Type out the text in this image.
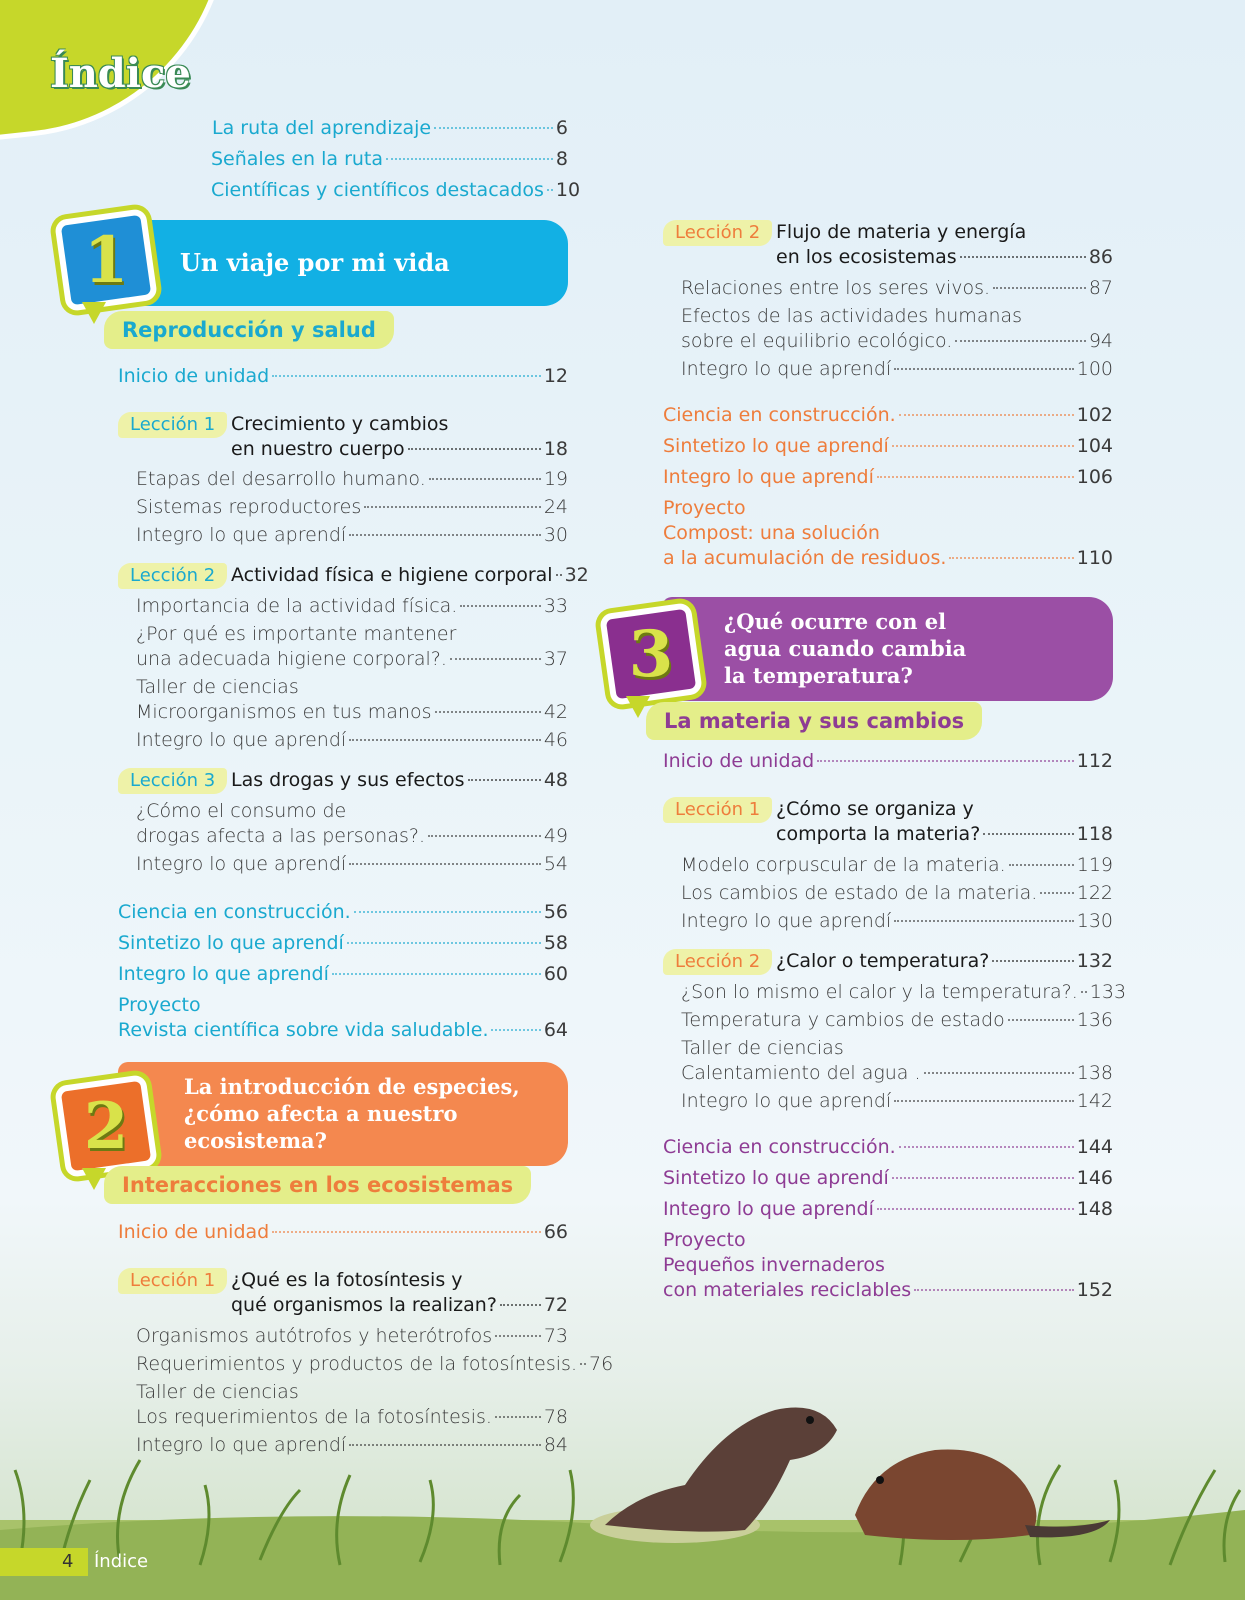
Índice
La ruta del aprendizaje	6
Señales en la ruta	8
Científicas y científicos destacados 10
Un viaje por mi vida
1
Reproducción y salud
Inicio de unidad	12
Lección 1 Crecimiento y cambios
en nuestro cuerpo	18
Etapas del desarrollo humano.	19
Sistemas reproductores	24
Integro lo que aprendí	30
Lección 2 Actividad física e higiene corporal 32
Importancia de la actividad física.	33
¿Por qué es importante mantener
una adecuada higiene corporal?.	37
Taller de ciencias
Microorganismos en tus manos	42
Integro lo que aprendí	46
Lección 3 Las drogas y sus efectos	48
¿Cómo el consumo de
drogas afecta a las personas?.	49
Integro lo que aprendí	54
Ciencia en construcción.	56
Sintetizo lo que aprendí	58
Integro lo que aprendí	60
Proyecto
Revista científica sobre vida saludable.	64
La introducción de especies,
¿cómo afecta a nuestro
ecosistema?
2
Interacciones en los ecosistemas
Inicio de unidad	66
Lección 1 ¿Qué es la fotosíntesis y
qué organismos la realizan? 72
Organismos autótrofos y heterótrofos	73
Requerimientos y productos de la fotosíntesis. 76
Taller de ciencias
Los requerimientos de la fotosíntesis.	78
Integro lo que aprendí	84
Lección 2 Flujo de materia y energía
en los ecosistemas	86
Relaciones entre los seres vivos.	87
Efectos de las actividades humanas
sobre el equilibrio ecológico.	94
Integro lo que aprendí	100
Ciencia en construcción.	102
Sintetizo lo que aprendí	104
Integro lo que aprendí	106
Proyecto
Compost: una solución
a la acumulación de residuos.	110
¿Qué ocurre con el
agua cuando cambia
la temperatura?
3
La materia y sus cambios
Inicio de unidad	112
Lección 1 ¿Cómo se organiza y
comporta la materia?	118
Modelo corpuscular de la materia.	119
Los cambios de estado de la materia. 122
Integro lo que aprendí	130
Lección 2 ¿Calor o temperatura?	132
¿Son lo mismo el calor y la temperatura?. 133
Temperatura y cambios de estado	136
Taller de ciencias
Calentamiento del agua .	138
Integro lo que aprendí	142
Ciencia en construcción.	144
Sintetizo lo que aprendí	146
Integro lo que aprendí	148
Proyecto
Pequeños invernaderos
con materiales reciclables	152
4 Índice
